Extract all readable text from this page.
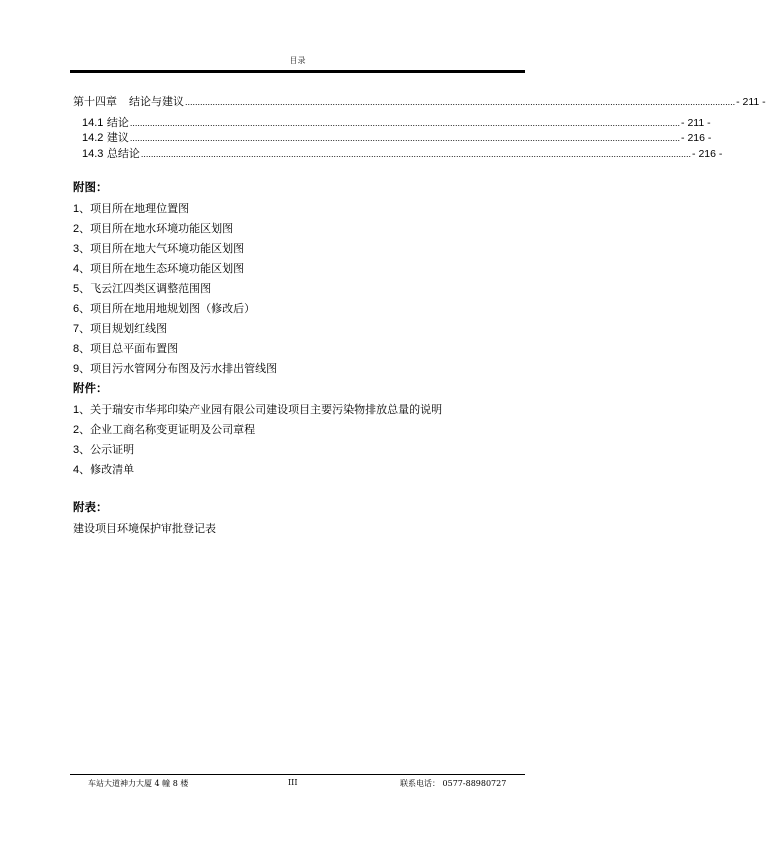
目录
第十四章 结论与建议 ............................................................................................................................................................................................................................ - 211 -
14.1 结论 ............................................................................................................................................................................................................................ - 211 -
14.2 建议 ............................................................................................................................................................................................................................ - 216 -
14.3 总结论 ............................................................................................................................................................................................................................ - 216 -
附图：
1、项目所在地理位置图
2、项目所在地水环境功能区划图
3、项目所在地大气环境功能区划图
4、项目所在地生态环境功能区划图
5、飞云江四类区调整范围图
6、项目所在地用地规划图（修改后）
7、项目规划红线图
8、项目总平面布置图
9、项目污水管网分布图及污水排出管线图
附件：
1、关于瑞安市华邦印染产业园有限公司建设项目主要污染物排放总量的说明
2、企业工商名称变更证明及公司章程
3、公示证明
4、修改清单
附表：
建设项目环境保护审批登记表
车站大道神力大厦 4 幢 8 楼	III	联系电话： 0577-88980727
